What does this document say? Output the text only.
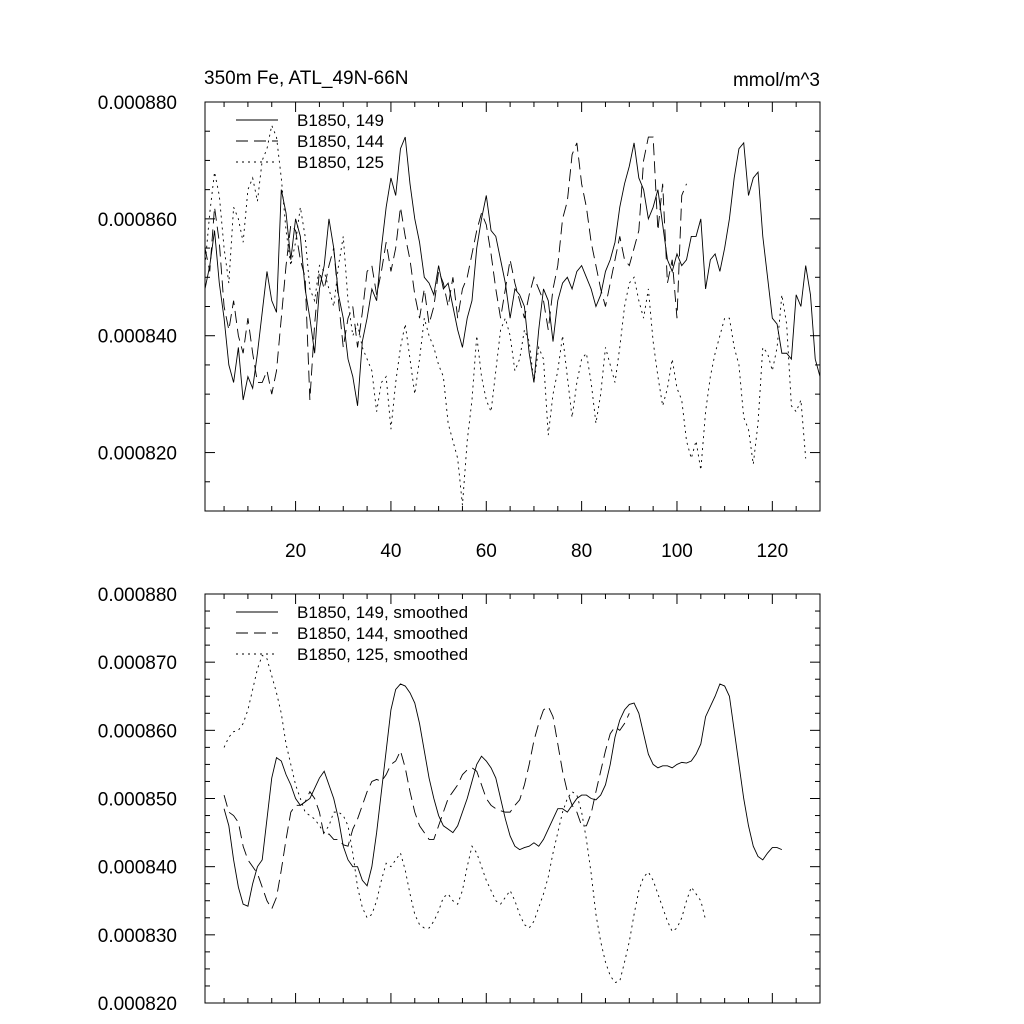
350m Fe, ATL_49N-66N	mmol/m^3
20	40	60	80	100	120
0.000820
0.000840
0.000860
0.000880
B1850, 149
B1850, 144
B1850, 125
0.000820
0.000830
0.000840
0.000850
0.000860
0.000870
0.000880
B1850, 149, smoothed
B1850, 144, smoothed
B1850, 125, smoothed
